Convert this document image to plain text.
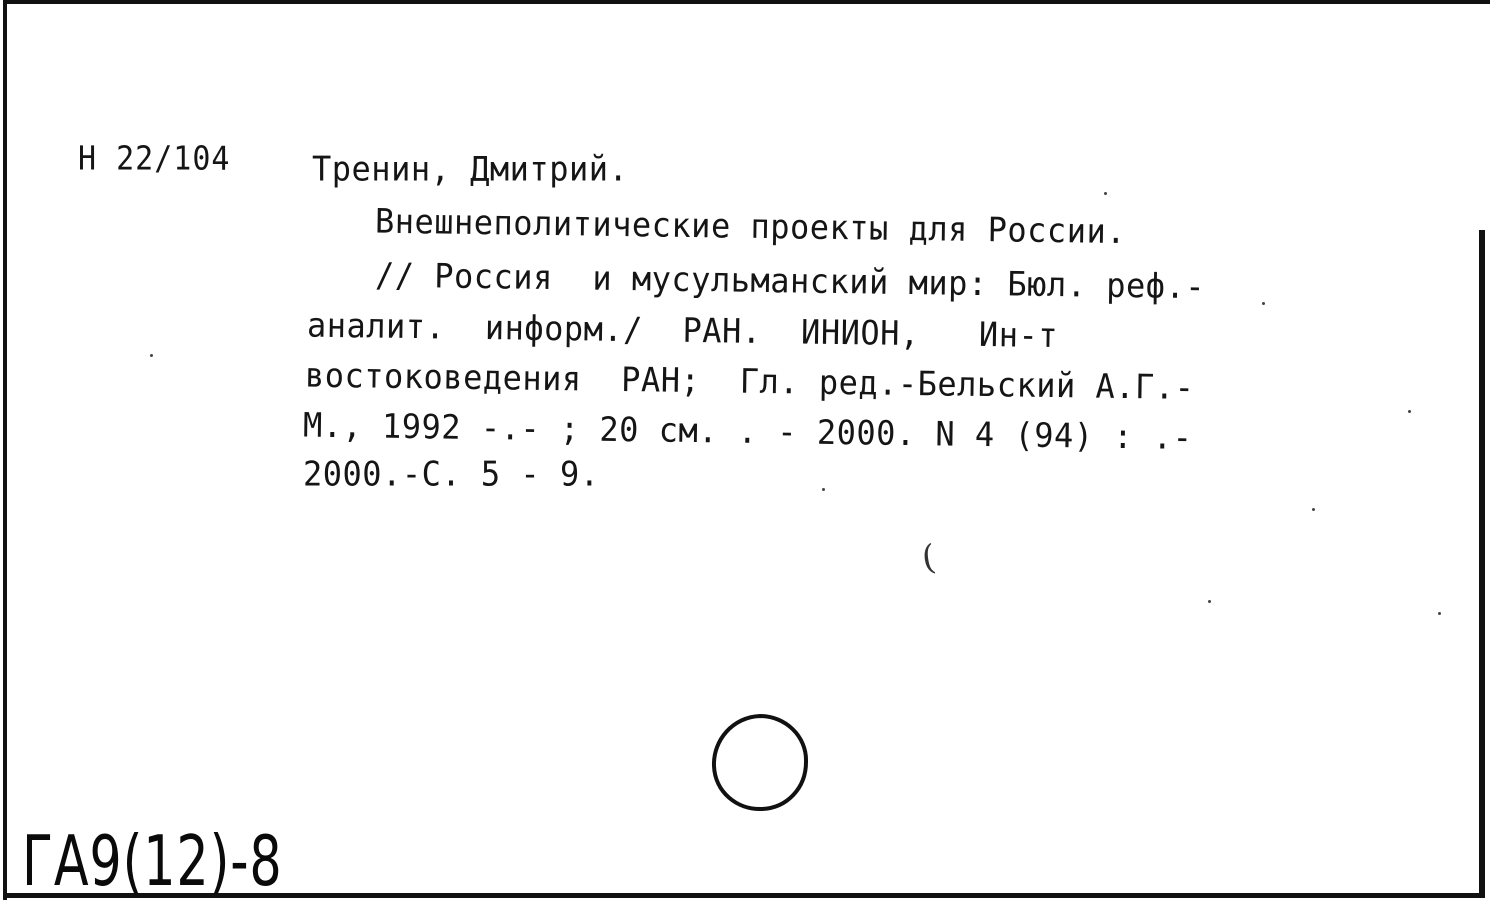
Н 22/104	Тренин, Дмитрий.
Внешнеполитические проекты для России.
// Россия  и мусульманский мир: Бюл. реф.-
аналит.  информ./  РАН.  ИНИОН,   Ин-т
востоковедения  РАН;  Гл. ред.-Бельский А.Г.-
М., 1992 -.- ; 20 см. . - 2000. N 4 (94) : .-
2000.-С. 5 - 9.
(
ГА9(12)-8
